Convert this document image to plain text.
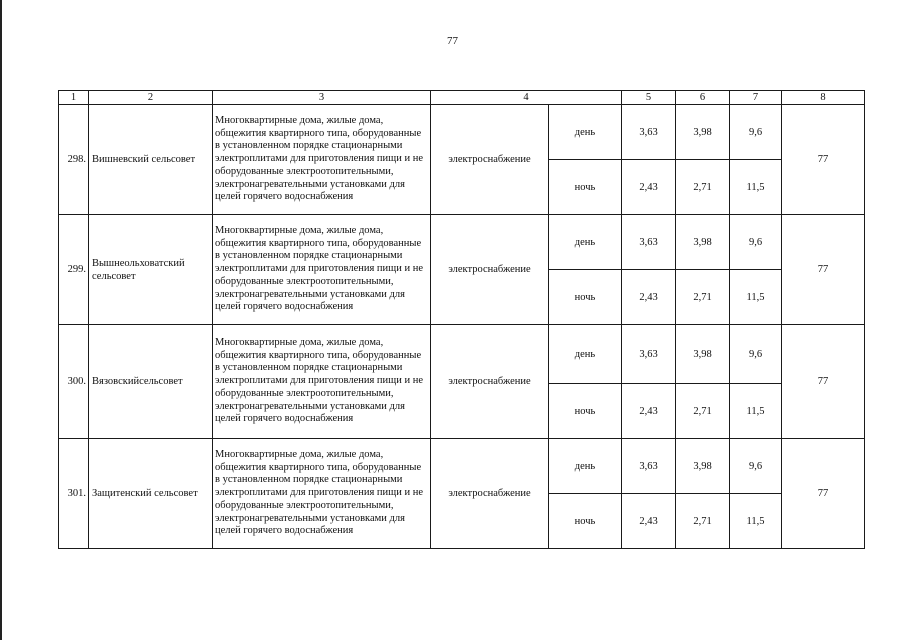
77
1	2	3	4		5	6	7	8
298.	Вишневский сельсовет	Многоквартирные дома, жилые дома, общежития квартирного типа, оборудованные в установленном порядке стационарными электроплитами для приготовления пищи и не оборудованные электроотопительными, электронагревательными установками для целей горячего водоснабжения	электроснабжение	день	3,63	3,98	9,6	77
				ночь	2,43	2,71	11,5	
299.	Вышнеольховатский сельсовет	Многоквартирные дома, жилые дома, общежития квартирного типа, оборудованные в установленном порядке стационарными электроплитами для приготовления пищи и не оборудованные электроотопительными, электронагревательными установками для целей горячего водоснабжения	электроснабжение	день	3,63	3,98	9,6	77
				ночь	2,43	2,71	11,5	
300.	Вязовскийсельсовет	Многоквартирные дома, жилые дома, общежития квартирного типа, оборудованные в установленном порядке стационарными электроплитами для приготовления пищи и не оборудованные электроотопительными, электронагревательными установками для целей горячего водоснабжения	электроснабжение	день	3,63	3,98	9,6	77
				ночь	2,43	2,71	11,5	
301.	Защитенский сельсовет	Многоквартирные дома, жилые дома, общежития квартирного типа, оборудованные в установленном порядке стационарными электроплитами для приготовления пищи и не оборудованные электроотопительными, электронагревательными установками для целей горячего водоснабжения	электроснабжение	день	3,63	3,98	9,6	77
				ночь	2,43	2,71	11,5	
